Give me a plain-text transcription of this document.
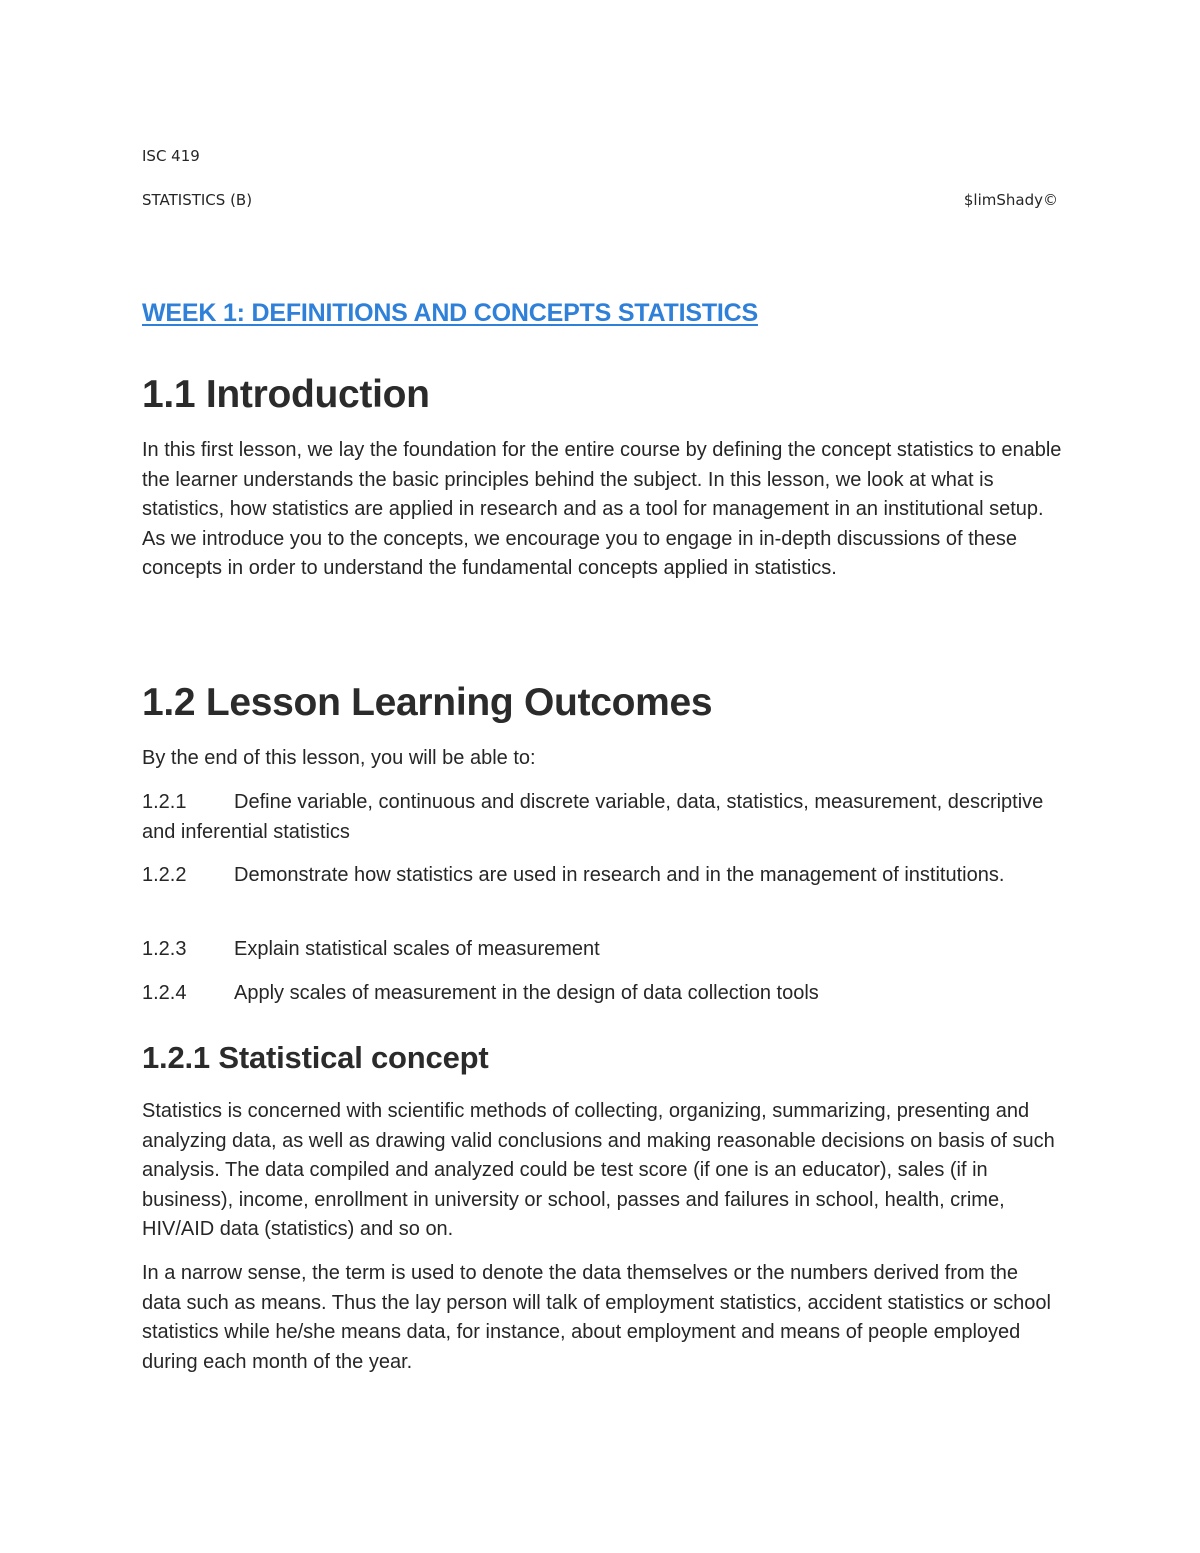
ISC 419
STATISTICS (B)	$limShady©
WEEK 1: DEFINITIONS AND CONCEPTS STATISTICS
1.1 Introduction

In this first lesson, we lay the foundation for the entire course by defining the concept statistics to enable the learner understands the basic principles behind the subject. In this lesson, we look at what is statistics, how statistics are applied in research and as a tool for management in an institutional setup. As we introduce you to the concepts, we encourage you to engage in in-depth discussions of these concepts in order to understand the fundamental concepts applied in statistics.

1.2 Lesson Learning Outcomes

By the end of this lesson, you will be able to:

1.2.1 Define variable, continuous and discrete variable, data, statistics, measurement, descriptive and inferential statistics
1.2.2 Demonstrate how statistics are used in research and in the management of institutions.
1.2.3 Explain statistical scales of measurement
1.2.4 Apply scales of measurement in the design of data collection tools
1.2.1 Statistical concept

Statistics is concerned with scientific methods of collecting, organizing, summarizing, presenting and analyzing data, as well as drawing valid conclusions and making reasonable decisions on basis of such analysis. The data compiled and analyzed could be test score (if one is an educator), sales (if in business), income, enrollment in university or school, passes and failures in school, health, crime, HIV/AID data (statistics) and so on.

In a narrow sense, the term is used to denote the data themselves or the numbers derived from the data such as means. Thus the lay person will talk of employment statistics, accident statistics or school statistics while he/she means data, for instance, about employment and means of people employed during each month of the year.
